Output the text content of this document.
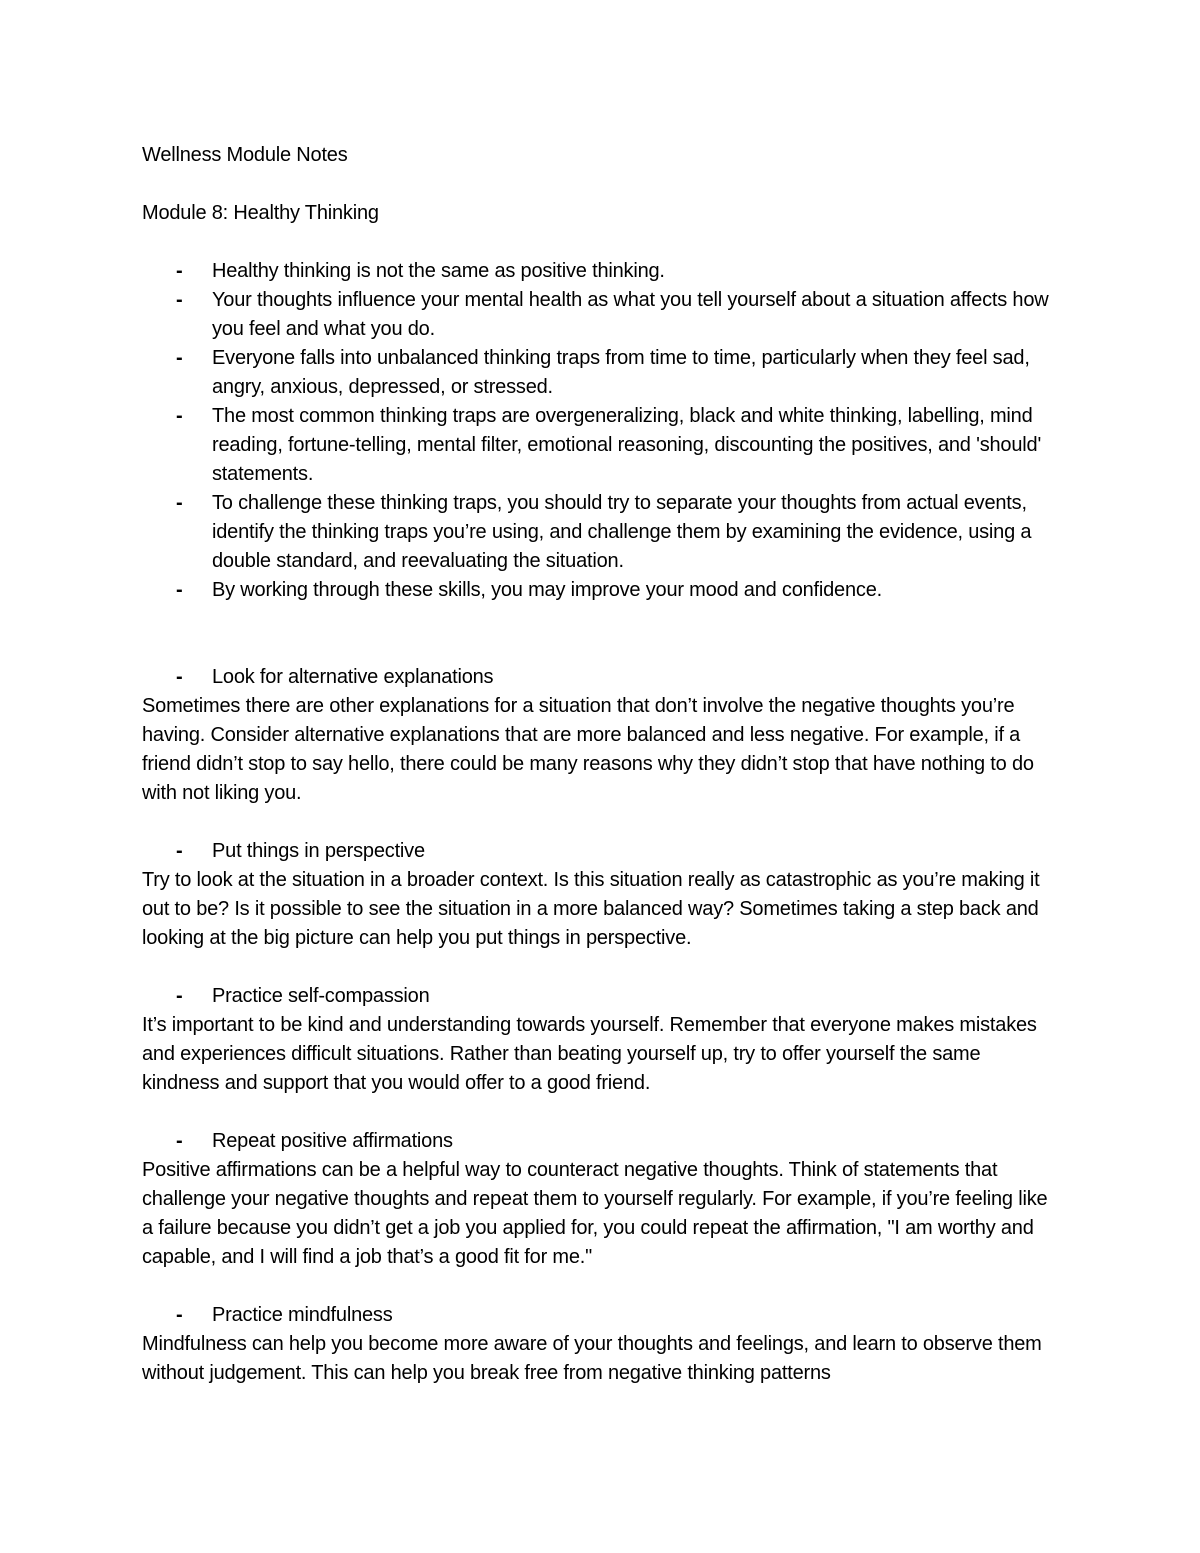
Wellness Module Notes

Module 8: Healthy Thinking

- Healthy thinking is not the same as positive thinking.
- Your thoughts influence your mental health as what you tell yourself about a situation affects how you feel and what you do.
- Everyone falls into unbalanced thinking traps from time to time, particularly when they feel sad, angry, anxious, depressed, or stressed.
- The most common thinking traps are overgeneralizing, black and white thinking, labelling, mind reading, fortune-telling, mental filter, emotional reasoning, discounting the positives, and 'should' statements.
- To challenge these thinking traps, you should try to separate your thoughts from actual events, identify the thinking traps you’re using, and challenge them by examining the evidence, using a double standard, and reevaluating the situation.
- By working through these skills, you may improve your mood and confidence.

- Look for alternative explanations

Sometimes there are other explanations for a situation that don’t involve the negative thoughts you’re having. Consider alternative explanations that are more balanced and less negative. For example, if a friend didn’t stop to say hello, there could be many reasons why they didn’t stop that have nothing to do with not liking you.

- Put things in perspective

Try to look at the situation in a broader context. Is this situation really as catastrophic as you’re making it out to be? Is it possible to see the situation in a more balanced way? Sometimes taking a step back and looking at the big picture can help you put things in perspective.

- Practice self-compassion

It’s important to be kind and understanding towards yourself. Remember that everyone makes mistakes and experiences difficult situations. Rather than beating yourself up, try to offer yourself the same kindness and support that you would offer to a good friend.

- Repeat positive affirmations

Positive affirmations can be a helpful way to counteract negative thoughts. Think of statements that challenge your negative thoughts and repeat them to yourself regularly. For example, if you’re feeling like a failure because you didn’t get a job you applied for, you could repeat the affirmation, "I am worthy and capable, and I will find a job that’s a good fit for me."

- Practice mindfulness

Mindfulness can help you become more aware of your thoughts and feelings, and learn to observe them without judgement. This can help you break free from negative thinking patterns
